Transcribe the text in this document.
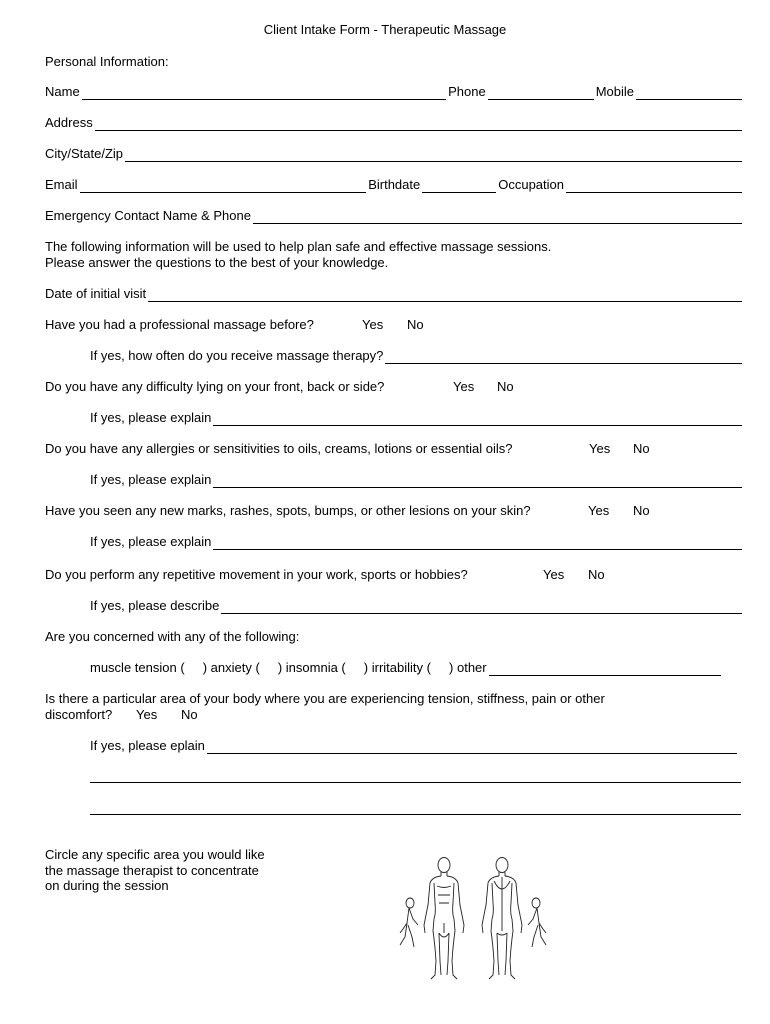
Client Intake Form - Therapeutic Massage
Personal Information:
Name	Phone	Mobile
Address
City/State/Zip
Email	Birthdate	Occupation
Emergency Contact Name & Phone
The following information will be used to help plan safe and effective massage sessions.
Please answer the questions to the best of your knowledge.
Date of initial visit
Have you had a professional massage before?	Yes No
If yes, how often do you receive massage therapy?
Do you have any difficulty lying on your front, back or side?	Yes No
If yes, please explain
Do you have any allergies or sensitivities to oils, creams, lotions or essential oils?	Yes No
If yes, please explain
Have you seen any new marks, rashes, spots, bumps, or other lesions on your skin?	Yes No
If yes, please explain
Do you perform any repetitive movement in your work, sports or hobbies?	Yes No
If yes, please describe
Are you concerned with any of the following:
muscle tension (     ) anxiety (     ) insomnia (     ) irritability (     ) other
Is there a particular area of your body where you are experiencing tension, stiffness, pain or other
discomfort? Yes No
If yes, please eplain
Circle any specific area you would like
the massage therapist to concentrate
on during the session
